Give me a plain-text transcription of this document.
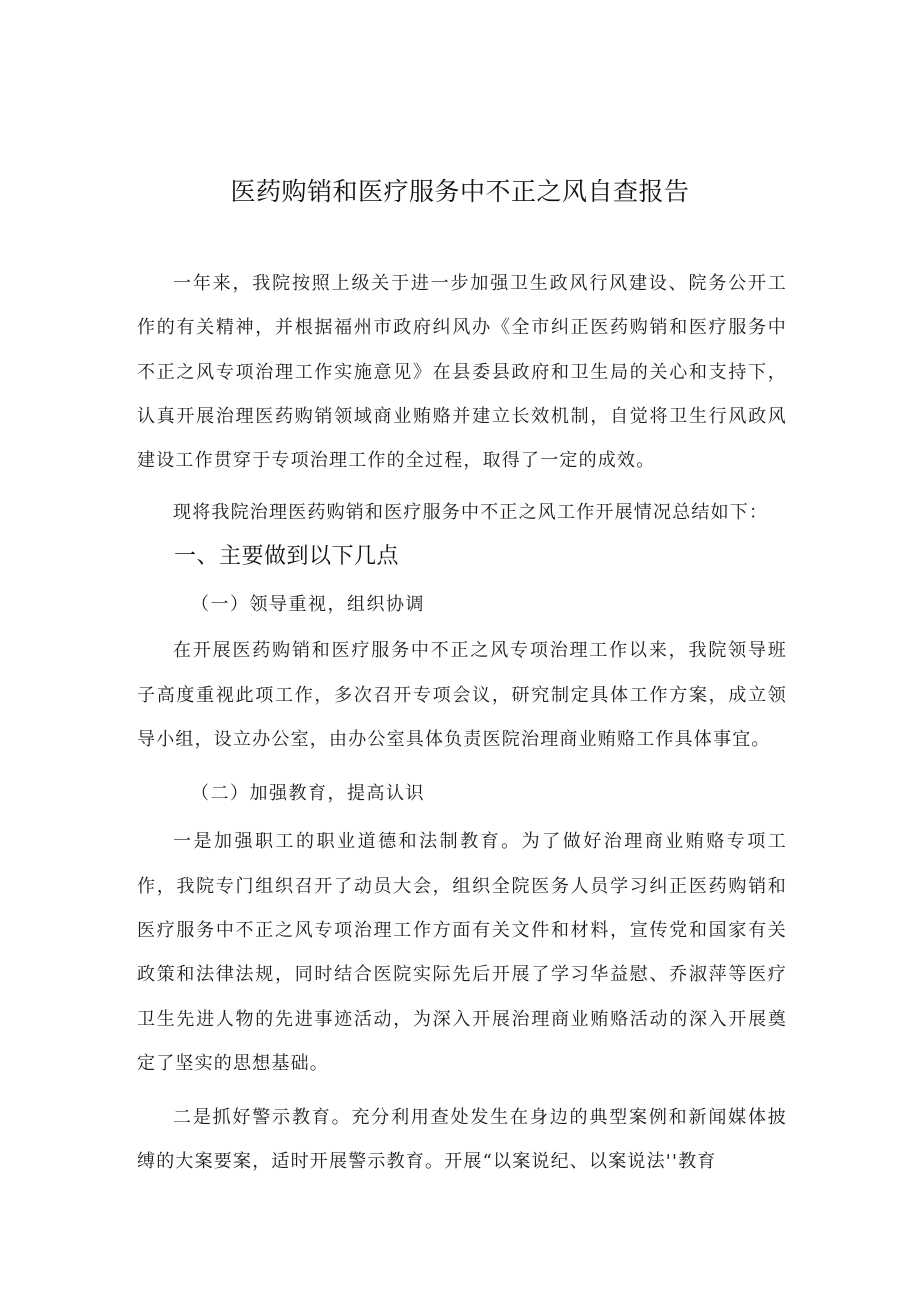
医药购销和医疗服务中不正之风自查报告

一年来，我院按照上级关于进一步加强卫生政风行风建设、院务公开工作的有关精神，并根据福州市政府纠风办《全市纠正医药购销和医疗服务中不正之风专项治理工作实施意见》在县委县政府和卫生局的关心和支持下，认真开展治理医药购销领域商业贿赂并建立长效机制，自觉将卫生行风政风建设工作贯穿于专项治理工作的全过程，取得了一定的成效。

现将我院治理医药购销和医疗服务中不正之风工作开展情况总结如下：

一、主要做到以下几点
（一）领导重视，组织协调

在开展医药购销和医疗服务中不正之风专项治理工作以来，我院领导班子高度重视此项工作，多次召开专项会议，研究制定具体工作方案，成立领导小组，设立办公室，由办公室具体负责医院治理商业贿赂工作具体事宜。

（二）加强教育，提高认识

一是加强职工的职业道德和法制教育。为了做好治理商业贿赂专项工作，我院专门组织召开了动员大会，组织全院医务人员学习纠正医药购销和医疗服务中不正之风专项治理工作方面有关文件和材料，宣传党和国家有关政策和法律法规，同时结合医院实际先后开展了学习华益慰、乔淑萍等医疗卫生先进人物的先进事迹活动，为深入开展治理商业贿赂活动的深入开展奠定了坚实的思想基础。

二是抓好警示教育。充分利用查处发生在身边的典型案例和新闻媒体披缚的大案要案，适时开展警示教育。开展“以案说纪、以案说法''教育
